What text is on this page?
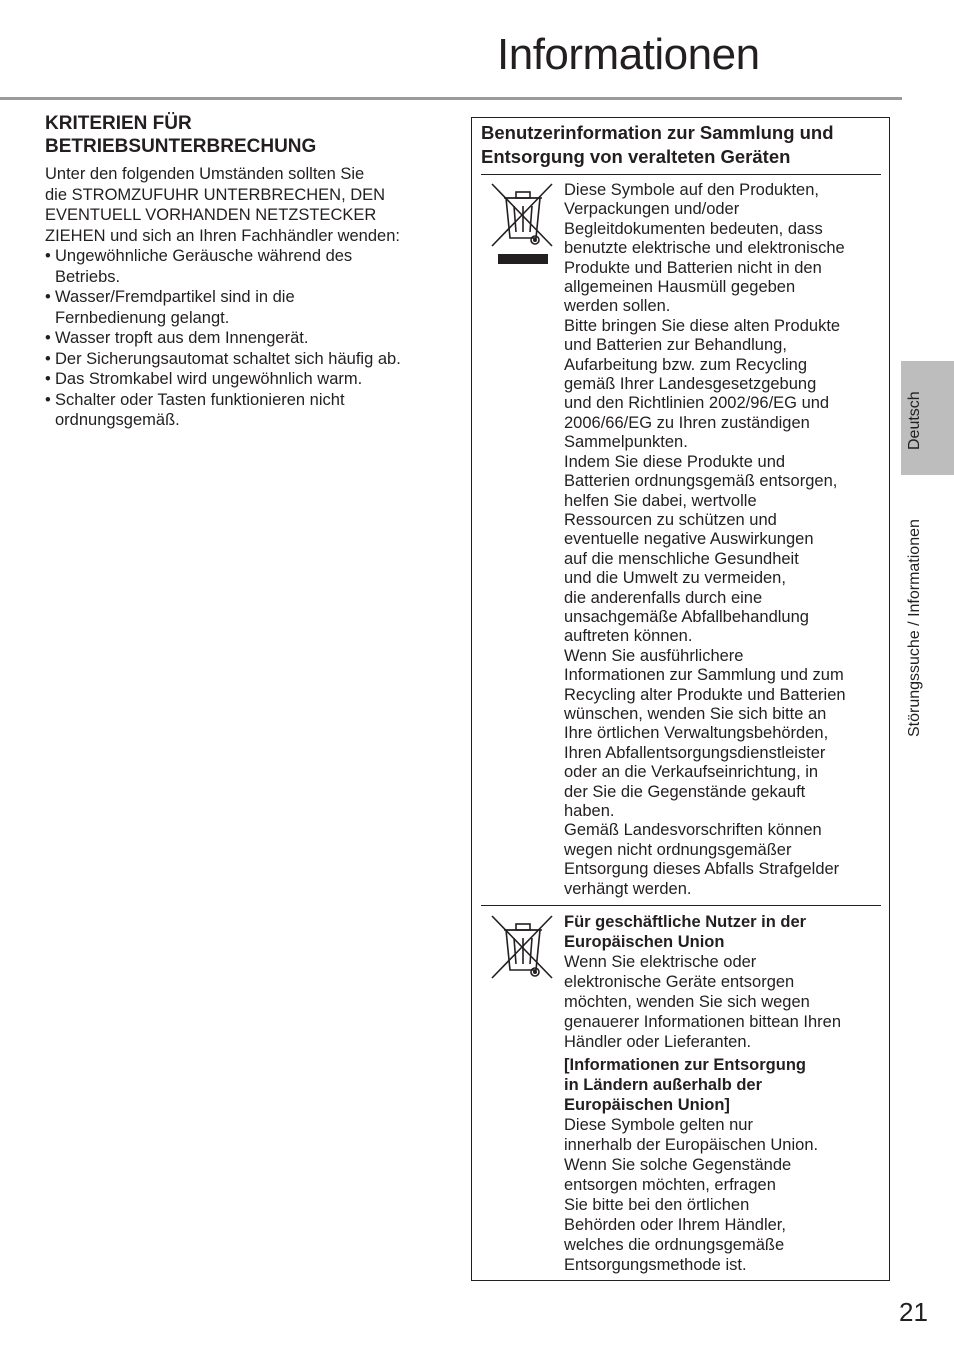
Informationen
KRITERIEN FÜR
BETRIEBSUNTERBRECHUNG

Unter den folgenden Umständen sollten Sie

die STROMZUFUHR UNTERBRECHEN, DEN

EVENTUELL VORHANDEN NETZSTECKER

ZIEHEN und sich an Ihren Fachhändler wenden:

• Ungewöhnliche Geräusche während des
Betriebs.
• Wasser/Fremdpartikel sind in die
Fernbedienung gelangt.
• Wasser tropft aus dem Innengerät.
• Der Sicherungsautomat schaltet sich häufig ab.
• Das Stromkabel wird ungewöhnlich warm.
• Schalter oder Tasten funktionieren nicht
ordnungsgemäß.
Benutzerinformation zur Sammlung und
Entsorgung von veralteten Geräten
Diese Symbole auf den Produkten,
Verpackungen und/oder
Begleitdokumenten bedeuten, dass
benutzte elektrische und elektronische
Produkte und Batterien nicht in den
allgemeinen Hausmüll gegeben
werden sollen.
Bitte bringen Sie diese alten Produkte
und Batterien zur Behandlung,
Aufarbeitung bzw. zum Recycling
gemäß Ihrer Landesgesetzgebung
und den Richtlinien 2002/96/EG und
2006/66/EG zu Ihren zuständigen
Sammelpunkten.
Indem Sie diese Produkte und
Batterien ordnungsgemäß entsorgen,
helfen Sie dabei, wertvolle
Ressourcen zu schützen und
eventuelle negative Auswirkungen
auf die menschliche Gesundheit
und die Umwelt zu vermeiden,
die anderenfalls durch eine
unsachgemäße Abfallbehandlung
auftreten können.
Wenn Sie ausführlichere
Informationen zur Sammlung und zum
Recycling alter Produkte und Batterien
wünschen, wenden Sie sich bitte an
Ihre örtlichen Verwaltungsbehörden,
Ihren Abfallentsorgungsdienstleister
oder an die Verkaufseinrichtung, in
der Sie die Gegenstände gekauft
haben.
Gemäß Landesvorschriften können
wegen nicht ordnungsgemäßer
Entsorgung dieses Abfalls Strafgelder
verhängt werden.
Für geschäftliche Nutzer in der
Europäischen Union
Wenn Sie elektrische oder
elektronische Geräte entsorgen
möchten, wenden Sie sich wegen
genauerer Informationen bittean Ihren
Händler oder Lieferanten.
[Informationen zur Entsorgung
in Ländern außerhalb der
Europäischen Union]
Diese Symbole gelten nur
innerhalb der Europäischen Union.
Wenn Sie solche Gegenstände
entsorgen möchten, erfragen
Sie bitte bei den örtlichen
Behörden oder Ihrem Händler,
welches die ordnungsgemäße
Entsorgungsmethode ist.
Deutsch
Störungssuche / Informationen
21
